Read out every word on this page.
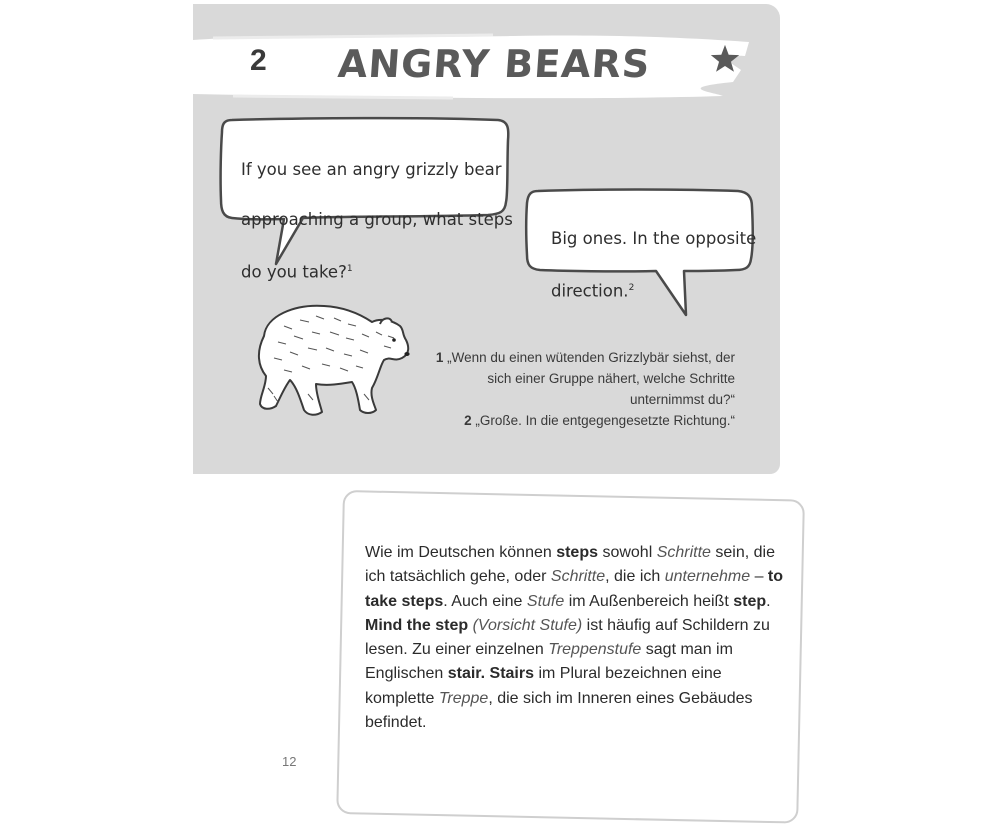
2 ANGRY BEARS

If you see an angry grizzly bear

approaching a group, what steps

do you take?$^1$

Big ones. In the opposite

direction.$^2$

1 „Wenn du einen wütenden Grizzlybär siehst, der sich einer Gruppe nähert, welche Schritte unternimmst du?“
2 „Große. In die entgegengesetzte Richtung.“
Wie im Deutschen können steps sowohl Schritte sein, die ich tatsächlich gehe, oder Schritte, die ich unternehme – to take steps. Auch eine Stufe im Außenbereich heißt step. Mind the step (Vorsicht Stufe) ist häufig auf Schildern zu lesen. Zu einer einzelnen Treppenstufe sagt man im Englischen stair. Stairs im Plural bezeichnen eine komplette Treppe, die sich im Inneren eines Gebäudes befindet.
12
